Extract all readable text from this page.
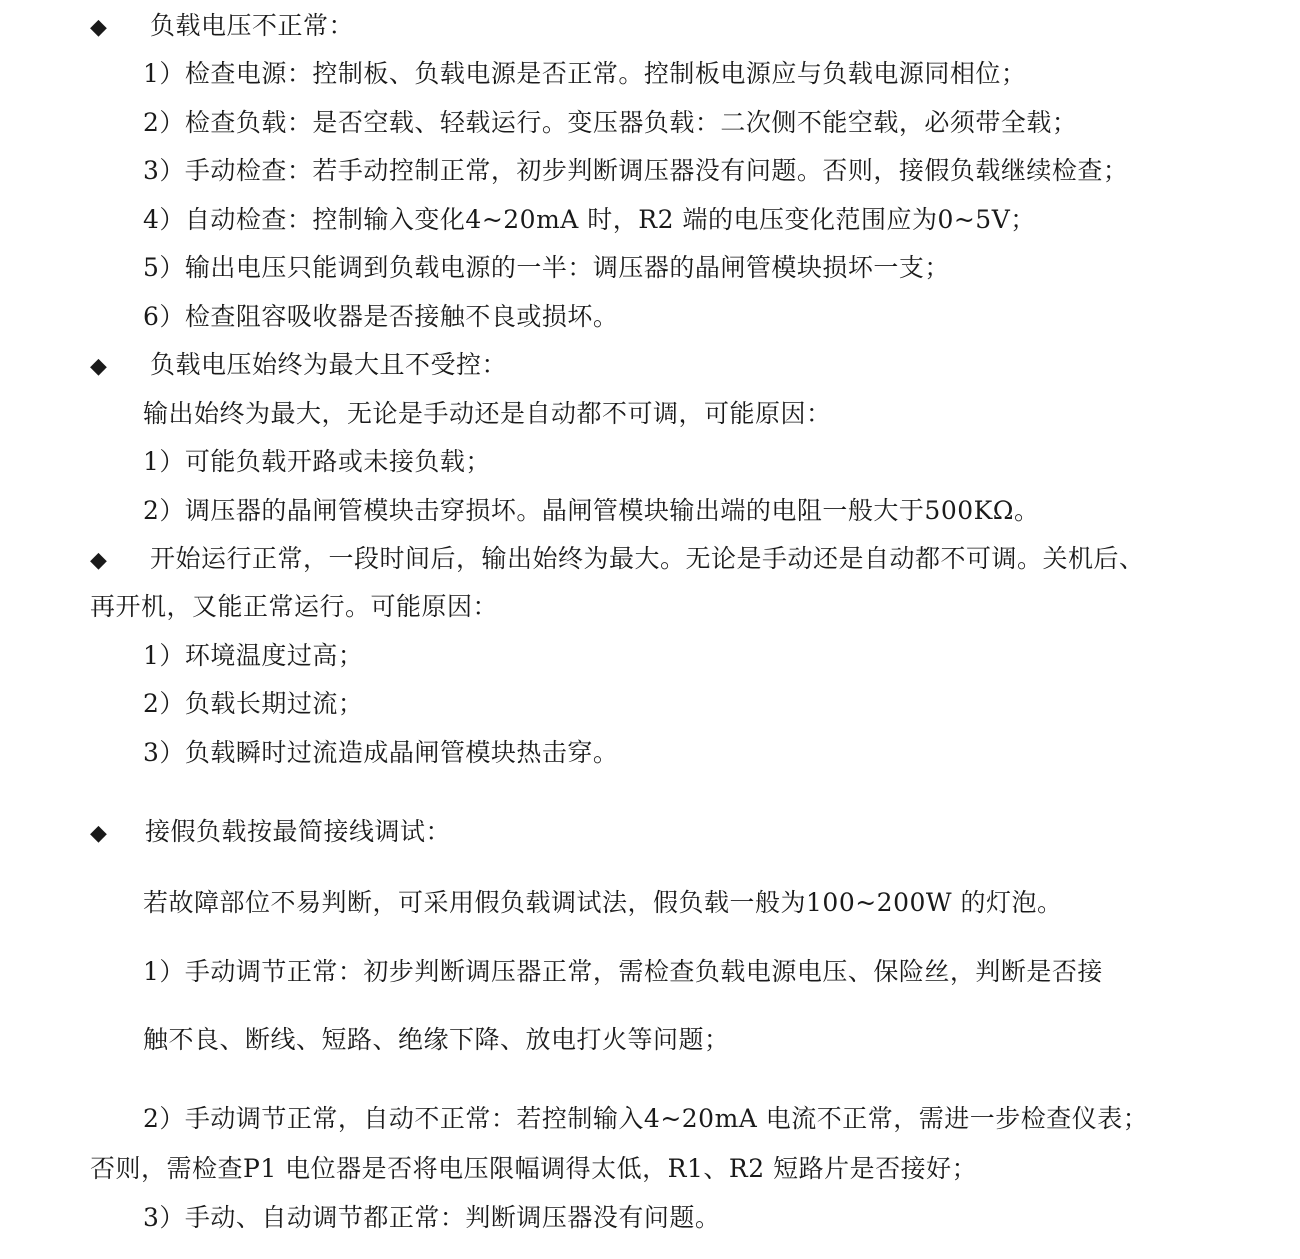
◆ 负载电压不正常：
1）检查电源：控制板、负载电源是否正常。控制板电源应与负载电源同相位；
2）检查负载：是否空载、轻载运行。变压器负载：二次侧不能空载，必须带全载；
3）手动检查：若手动控制正常，初步判断调压器没有问题。否则，接假负载继续检查；
4）自动检查：控制输入变化4~20mA 时，R2 端的电压变化范围应为0~5V；
5）输出电压只能调到负载电源的一半：调压器的晶闸管模块损坏一支；
6）检查阻容吸收器是否接触不良或损坏。
◆ 负载电压始终为最大且不受控：
输出始终为最大，无论是手动还是自动都不可调，可能原因：
1）可能负载开路或未接负载；
2）调压器的晶闸管模块击穿损坏。晶闸管模块输出端的电阻一般大于500KΩ。
◆ 开始运行正常，一段时间后，输出始终为最大。无论是手动还是自动都不可调。关机后、
再开机，又能正常运行。可能原因：
1）环境温度过高；
2）负载长期过流；
3）负载瞬时过流造成晶闸管模块热击穿。
◆ 接假负载按最简接线调试：
若故障部位不易判断，可采用假负载调试法，假负载一般为100~200W 的灯泡。
1）手动调节正常：初步判断调压器正常，需检查负载电源电压、保险丝，判断是否接
触不良、断线、短路、绝缘下降、放电打火等问题；
2）手动调节正常，自动不正常：若控制输入4~20mA 电流不正常，需进一步检查仪表；
否则，需检查P1 电位器是否将电压限幅调得太低，R1、R2 短路片是否接好；
3）手动、自动调节都正常：判断调压器没有问题。
